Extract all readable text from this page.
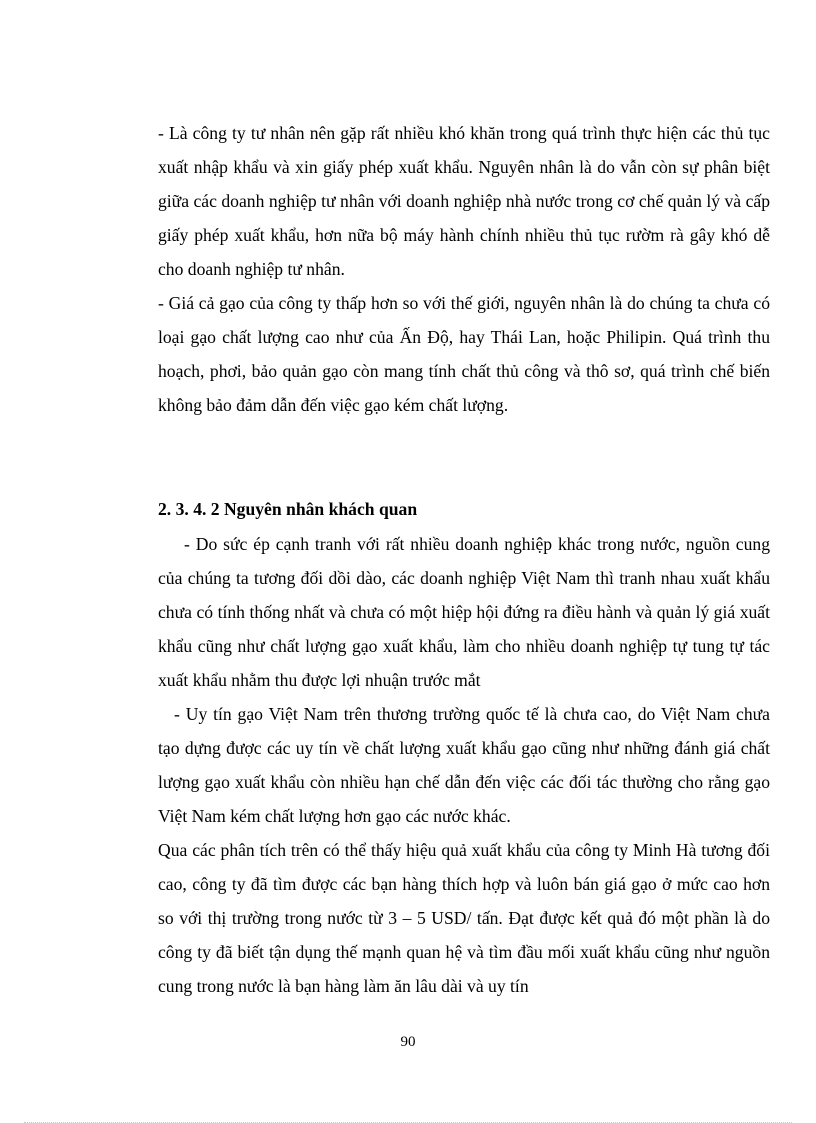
- Là công ty tư nhân nên gặp rất nhiều khó khăn trong quá trình thực hiện các thủ tục xuất nhập khẩu và xin giấy phép xuất khẩu. Nguyên nhân là do vẫn còn sự phân biệt giữa các doanh nghiệp tư nhân với doanh nghiệp nhà nước trong cơ chế quản lý và cấp giấy phép xuất khẩu, hơn nữa bộ máy hành chính nhiều thủ tục rườm rà gây khó dễ cho doanh nghiệp tư nhân.

- Giá cả gạo của công ty thấp hơn so với thế giới, nguyên nhân là do chúng ta chưa có loại gạo chất lượng cao như của Ấn Độ, hay Thái Lan, hoặc Philipin. Quá trình thu hoạch, phơi, bảo quản gạo còn mang tính chất thủ công và thô sơ, quá trình chế biến không bảo đảm dẫn đến việc gạo kém chất lượng.

2. 3. 4. 2 Nguyên nhân khách quan

- Do sức ép cạnh tranh với rất nhiều doanh nghiệp khác trong nước, nguồn cung của chúng ta tương đối dồi dào, các doanh nghiệp Việt Nam thì tranh nhau xuất khẩu chưa có tính thống nhất và chưa có một hiệp hội đứng ra điều hành và quản lý giá xuất khẩu cũng như chất lượng gạo xuất khẩu, làm cho nhiều doanh nghiệp tự tung tự tác xuất khẩu nhằm thu được lợi nhuận trước mắt

- Uy tín gạo Việt Nam trên thương trường quốc tế là chưa cao, do Việt Nam chưa tạo dựng được các uy tín về chất lượng xuất khẩu gạo cũng như những đánh giá chất lượng gạo xuất khẩu còn nhiều hạn chế dẫn đến việc các đối tác thường cho rằng gạo Việt Nam kém chất lượng hơn gạo các nước khác.

Qua các phân tích trên có thể thấy hiệu quả xuất khẩu của công ty Minh Hà tương đối cao, công ty đã tìm được các bạn hàng thích hợp và luôn bán giá gạo ở mức cao hơn so với thị trường trong nước từ 3 – 5 USD/ tấn. Đạt được kết quả đó một phần là do công ty đã biết tận dụng thế mạnh quan hệ và tìm đầu mối xuất khẩu cũng như nguồn cung trong nước là bạn hàng làm ăn lâu dài và uy tín

90
